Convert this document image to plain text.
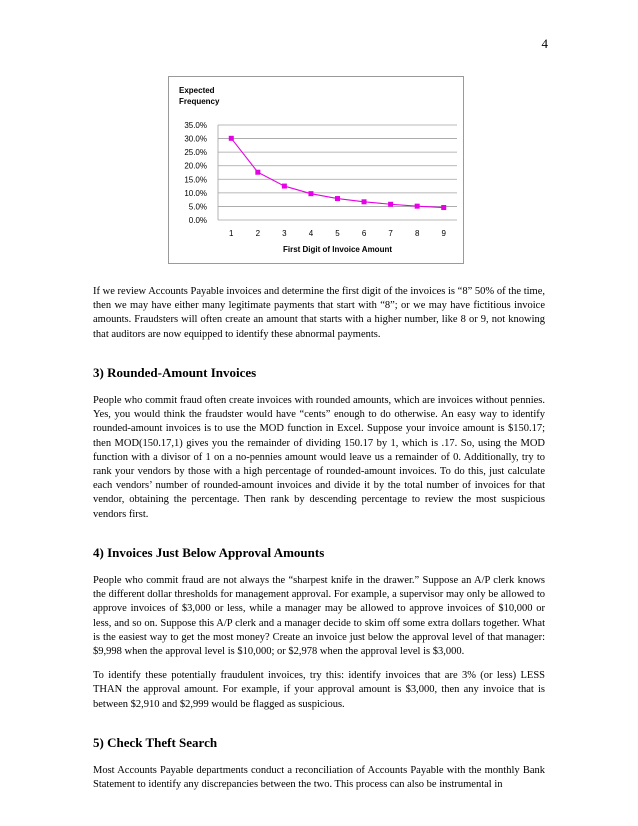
4
Expected
Frequency
0.0%
5.0%
10.0%
15.0%
20.0%
25.0%
30.0%
35.0%
1	2	3	4	5	6	7	8	9
First Digit of Invoice Amount

If we review Accounts Payable invoices and determine the first digit of the invoices is “8” 50% of the time, then we may have either many legitimate payments that start with “8”; or we may have fictitious invoice amounts. Fraudsters will often create an amount that starts with a higher number, like 8 or 9, not knowing that auditors are now equipped to identify these abnormal payments.

3) Rounded-Amount Invoices

People who commit fraud often create invoices with rounded amounts, which are invoices without pennies. Yes, you would think the fraudster would have “cents” enough to do otherwise. An easy way to identify rounded-amount invoices is to use the MOD function in Excel. Suppose your invoice amount is $150.17; then MOD(150.17,1) gives you the remainder of dividing 150.17 by 1, which is .17. So, using the MOD function with a divisor of 1 on a no-pennies amount would leave us a remainder of 0. Additionally, try to rank your vendors by those with a high percentage of rounded-amount invoices. To do this, just calculate each vendors’ number of rounded-amount invoices and divide it by the total number of invoices for that vendor, obtaining the percentage. Then rank by descending percentage to review the most suspicious vendors first.

4) Invoices Just Below Approval Amounts

People who commit fraud are not always the “sharpest knife in the drawer.” Suppose an A/P clerk knows the different dollar thresholds for management approval. For example, a supervisor may only be allowed to approve invoices of $3,000 or less, while a manager may be allowed to approve invoices of $10,000 or less, and so on. Suppose this A/P clerk and a manager decide to skim off some extra dollars together. What is the easiest way to get the most money? Create an invoice just below the approval level of that manager: $9,998 when the approval level is $10,000; or $2,978 when the approval level is $3,000.

To identify these potentially fraudulent invoices, try this: identify invoices that are 3% (or less) LESS THAN the approval amount. For example, if your approval amount is $3,000, then any invoice that is between $2,910 and $2,999 would be flagged as suspicious.

5) Check Theft Search

Most Accounts Payable departments conduct a reconciliation of Accounts Payable with the monthly Bank Statement to identify any discrepancies between the two. This process can also be instrumental in
